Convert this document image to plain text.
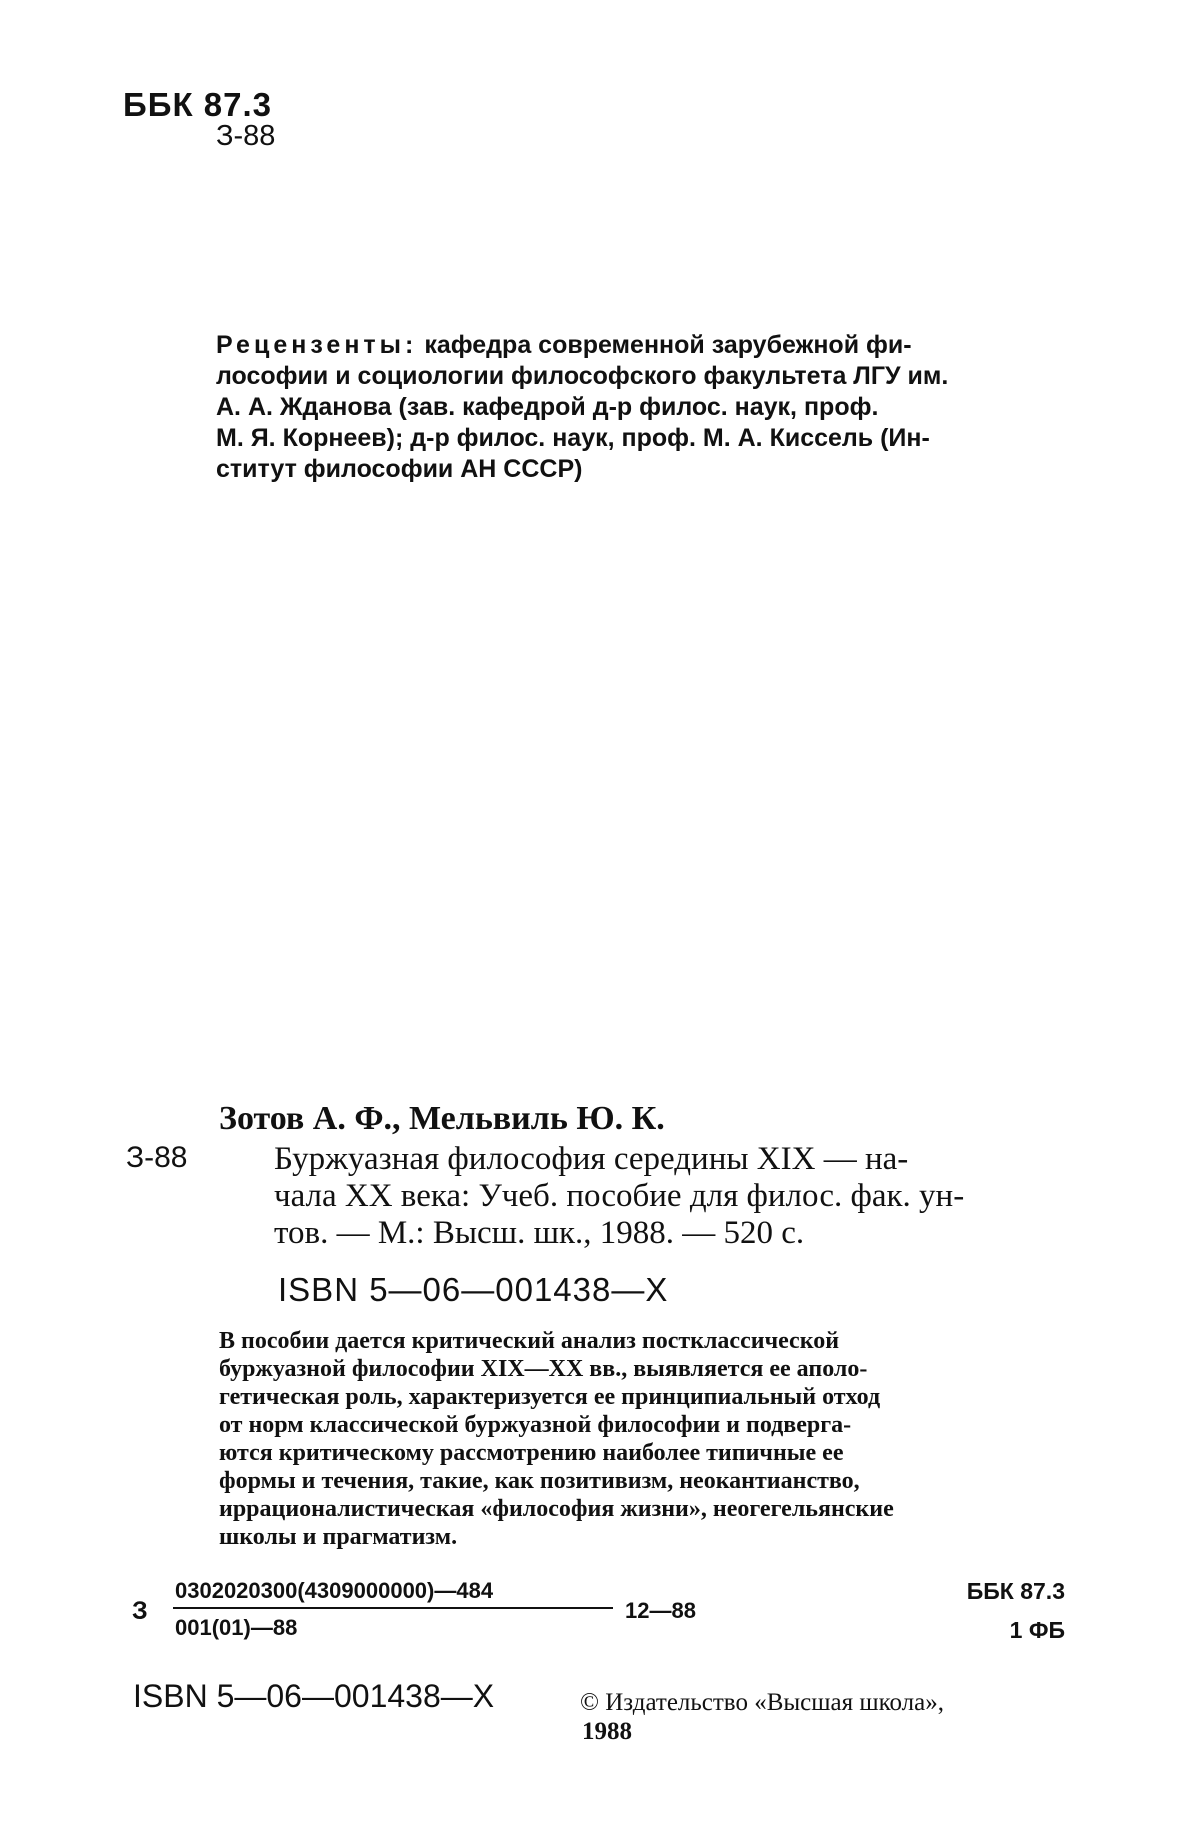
ББК 87.3
З-88
Рецензенты: кафедра современной зарубежной фи-
лософии и социологии философского факультета ЛГУ им.
А. А. Жданова (зав. кафедрой д-р филос. наук, проф.
М. Я. Корнеев); д-р филос. наук, проф. М. А. Киссель (Ин-
ститут философии АН СССР)
Зотов А. Ф., Мельвиль Ю. К.
З-88	Буржуазная философия середины XIX — на-
чала XX века: Учеб. пособие для филос. фак. ун-
тов. — М.: Высш. шк., 1988. — 520 с.
ISBN 5—06—001438—X
В пособии дается критический анализ постклассической
буржуазной философии XIX—XX вв., выявляется ее аполо-
гетическая роль, характеризуется ее принципиальный отход
от норм классической буржуазной философии и подверга-
ются критическому рассмотрению наиболее типичные ее
формы и течения, такие, как позитивизм, неокантианство,
иррационалистическая «философия жизни», неогегельянские
школы и прагматизм.
З
0302020300(4309000000)—484
001(01)—88
12—88
ББК 87.3
1 ФБ
ISBN 5—06—001438—X	© Издательство «Высшая школа»,
1988
